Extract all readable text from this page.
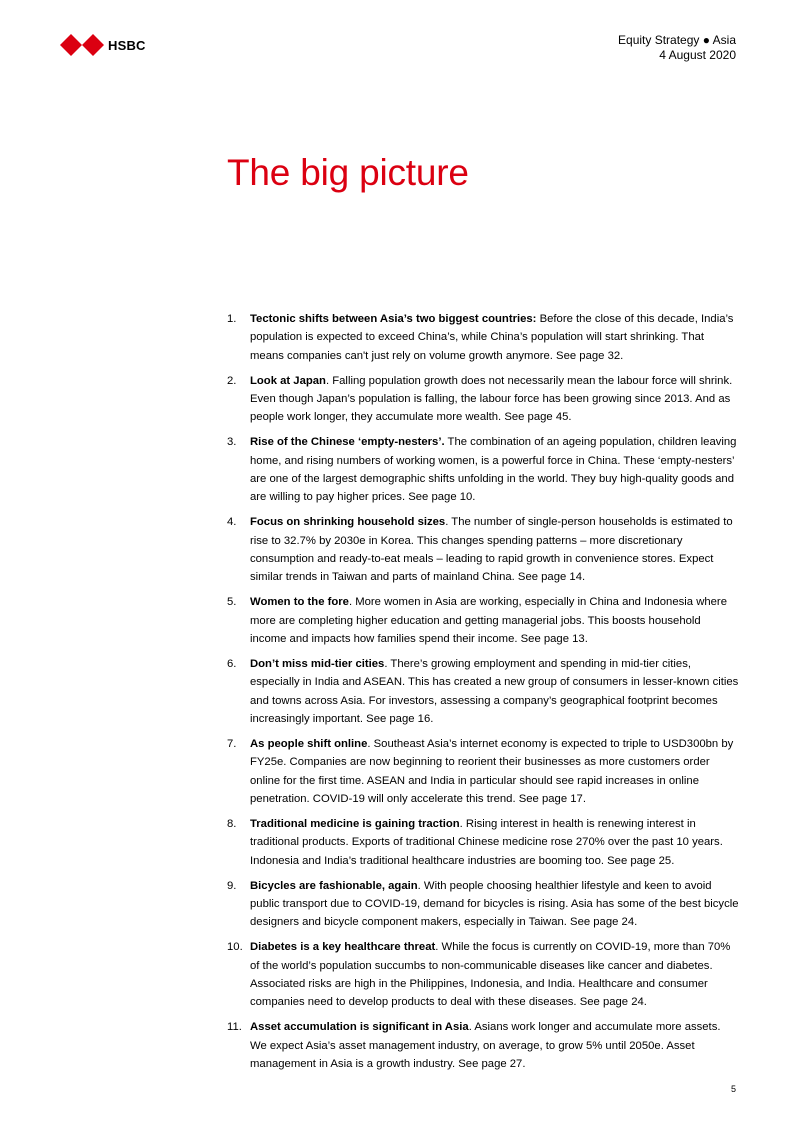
HSBC	Equity Strategy ● Asia
4 August 2020
The big picture
1. Tectonic shifts between Asia’s two biggest countries: Before the close of this decade, India’s population is expected to exceed China’s, while China’s population will start shrinking. That means companies can't just rely on volume growth anymore. See page 32.
2. Look at Japan. Falling population growth does not necessarily mean the labour force will shrink. Even though Japan’s population is falling, the labour force has been growing since 2013. And as people work longer, they accumulate more wealth. See page 45.
3. Rise of the Chinese ‘empty-nesters’. The combination of an ageing population, children leaving home, and rising numbers of working women, is a powerful force in China. These ‘empty-nesters’ are one of the largest demographic shifts unfolding in the world. They buy high-quality goods and are willing to pay higher prices. See page 10.
4. Focus on shrinking household sizes. The number of single-person households is estimated to rise to 32.7% by 2030e in Korea. This changes spending patterns – more discretionary consumption and ready-to-eat meals – leading to rapid growth in convenience stores. Expect similar trends in Taiwan and parts of mainland China. See page 14.
5. Women to the fore. More women in Asia are working, especially in China and Indonesia where more are completing higher education and getting managerial jobs. This boosts household income and impacts how families spend their income. See page 13.
6. Don’t miss mid-tier cities. There’s growing employment and spending in mid-tier cities, especially in India and ASEAN. This has created a new group of consumers in lesser-known cities and towns across Asia. For investors, assessing a company’s geographical footprint becomes increasingly important. See page 16.
7. As people shift online. Southeast Asia’s internet economy is expected to triple to USD300bn by FY25e. Companies are now beginning to reorient their businesses as more customers order online for the first time. ASEAN and India in particular should see rapid increases in online penetration. COVID-19 will only accelerate this trend. See page 17.
8. Traditional medicine is gaining traction. Rising interest in health is renewing interest in traditional products. Exports of traditional Chinese medicine rose 270% over the past 10 years. Indonesia and India’s traditional healthcare industries are booming too. See page 25.
9. Bicycles are fashionable, again. With people choosing healthier lifestyle and keen to avoid public transport due to COVID-19, demand for bicycles is rising. Asia has some of the best bicycle designers and bicycle component makers, especially in Taiwan. See page 24.
10. Diabetes is a key healthcare threat. While the focus is currently on COVID-19, more than 70% of the world’s population succumbs to non-communicable diseases like cancer and diabetes. Associated risks are high in the Philippines, Indonesia, and India. Healthcare and consumer companies need to develop products to deal with these diseases. See page 24.
11. Asset accumulation is significant in Asia. Asians work longer and accumulate more assets. We expect Asia’s asset management industry, on average, to grow 5% until 2050e. Asset management in Asia is a growth industry. See page 27.
5
